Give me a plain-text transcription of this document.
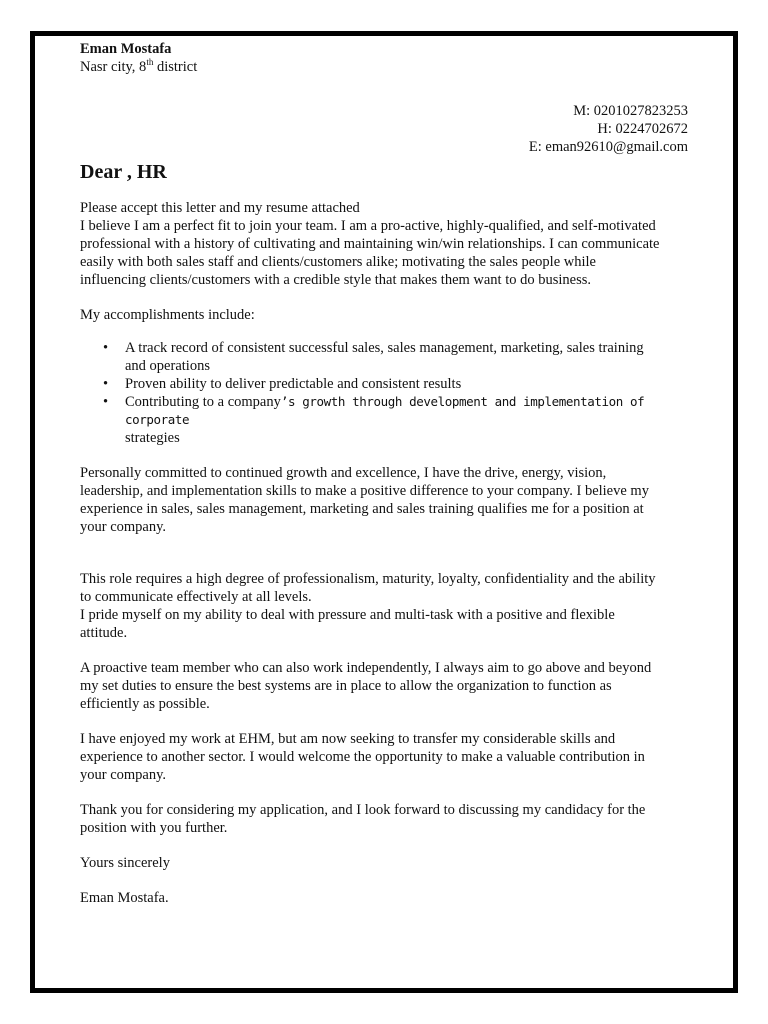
Eman Mostafa
Nasr city, 8th district
M: 0201027823253
H: 0224702672
E: eman92610@gmail.com
Dear , HR
Please accept this letter and my resume attached
I believe I am a perfect fit to join your team. I am a pro-active, highly-qualified, and self-motivated
professional with a history of cultivating and maintaining win/win relationships. I can communicate
easily with both sales staff and clients/customers alike; motivating the sales people while
influencing clients/customers with a credible style that makes them want to do business.
My accomplishments include:
• A track record of consistent successful sales, sales management, marketing, sales training
and operations
• Proven ability to deliver predictable and consistent results
• Contributing to a company’s growth through development and implementation of corporate
strategies
Personally committed to continued growth and excellence, I have the drive, energy, vision,
leadership, and implementation skills to make a positive difference to your company. I believe my
experience in sales, sales management, marketing and sales training qualifies me for a position at
your company.
This role requires a high degree of professionalism, maturity, loyalty, confidentiality and the ability
to communicate effectively at all levels.
I pride myself on my ability to deal with pressure and multi-task with a positive and flexible
attitude.
A proactive team member who can also work independently, I always aim to go above and beyond
my set duties to ensure the best systems are in place to allow the organization to function as
efficiently as possible.
I have enjoyed my work at EHM, but am now seeking to transfer my considerable skills and
experience to another sector. I would welcome the opportunity to make a valuable contribution in
your company.
Thank you for considering my application, and I look forward to discussing my candidacy for the
position with you further.
Yours sincerely
Eman Mostafa.
